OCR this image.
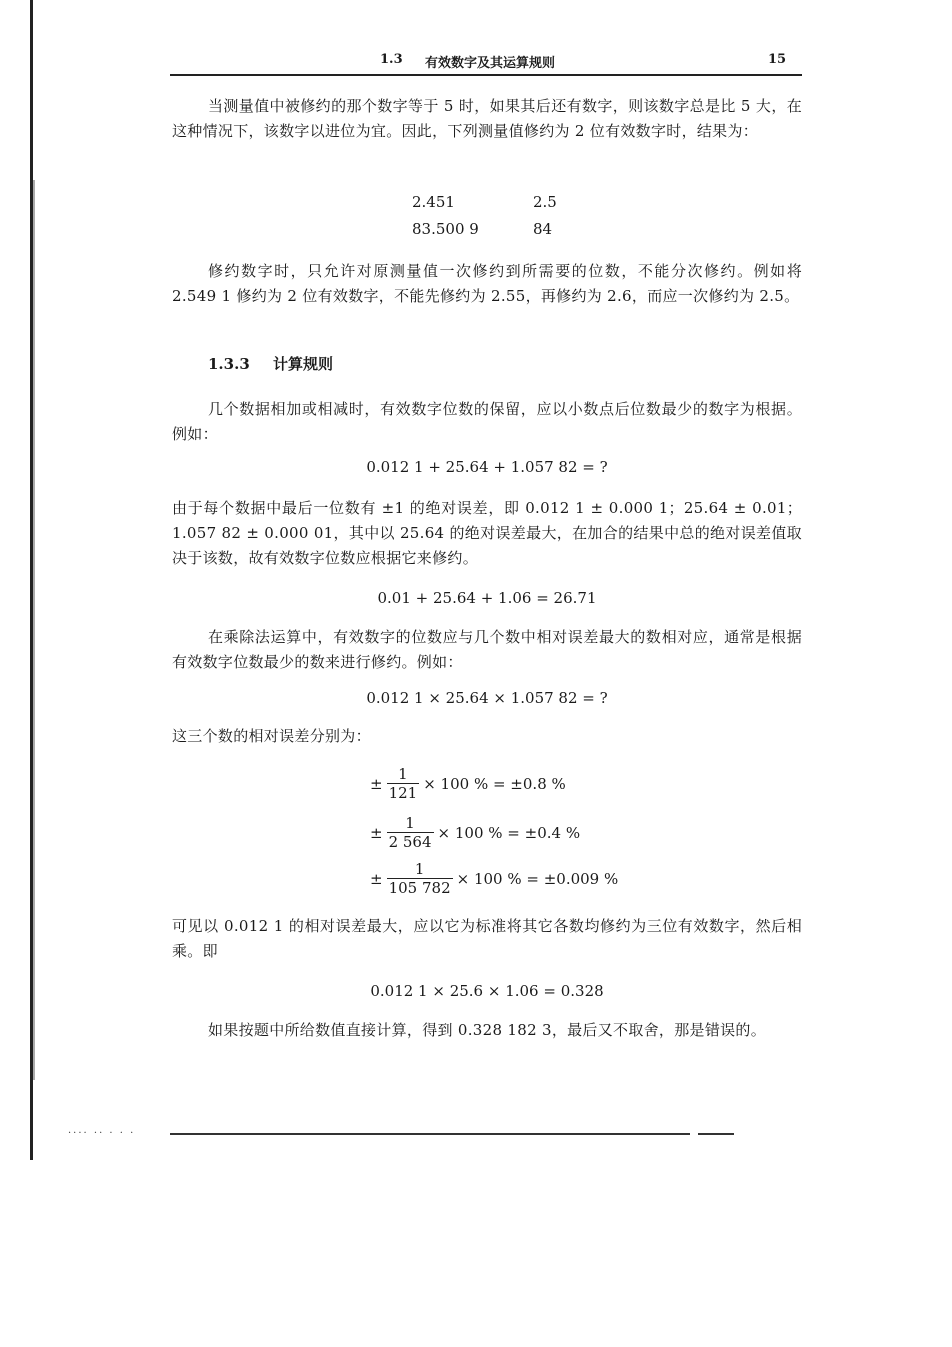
1.3 有效数字及其运算规则	15

当测量值中被修约的那个数字等于 5 时，如果其后还有数字，则该数字总是比 5 大，在这种情况下，该数字以进位为宜。因此，下列测量值修约为 2 位有效数字时，结果为：

2.451	2.5
83.500 9	84

修约数字时，只允许对原测量值一次修约到所需要的位数，不能分次修约。例如将 2.549 1 修约为 2 位有效数字，不能先修约为 2.55，再修约为 2.6，而应一次修约为 2.5。

1.3.3 计算规则

几个数据相加或相减时，有效数字位数的保留，应以小数点后位数最少的数字为根据。例如：

0.012 1 + 25.64 + 1.057 82 = ?

由于每个数据中最后一位数有 ±1 的绝对误差，即 0.012 1 ± 0.000 1；25.64 ± 0.01；1.057 82 ± 0.000 01，其中以 25.64 的绝对误差最大，在加合的结果中总的绝对误差值取决于该数，故有效数字位数应根据它来修约。

0.01 + 25.64 + 1.06 = 26.71

在乘除法运算中，有效数字的位数应与几个数中相对误差最大的数相对应，通常是根据有效数字位数最少的数来进行修约。例如：

0.012 1 × 25.64 × 1.057 82 = ?

这三个数的相对误差分别为：

± $\frac{1}{121} \times 100$ % = ±0.8 %
± $\frac{1}{2 564} \times 100$ % = ±0.4 %
± $\frac{1}{105 782} \times 100$ % = ±0.009 %

可见以 0.012 1 的相对误差最大，应以它为标准将其它各数均修约为三位有效数字，然后相乘。即

0.012 1 × 25.6 × 1.06 = 0.328

如果按题中所给数值直接计算，得到 0.328 182 3，最后又不取舍，那是错误的。

···· ·· · · ·
